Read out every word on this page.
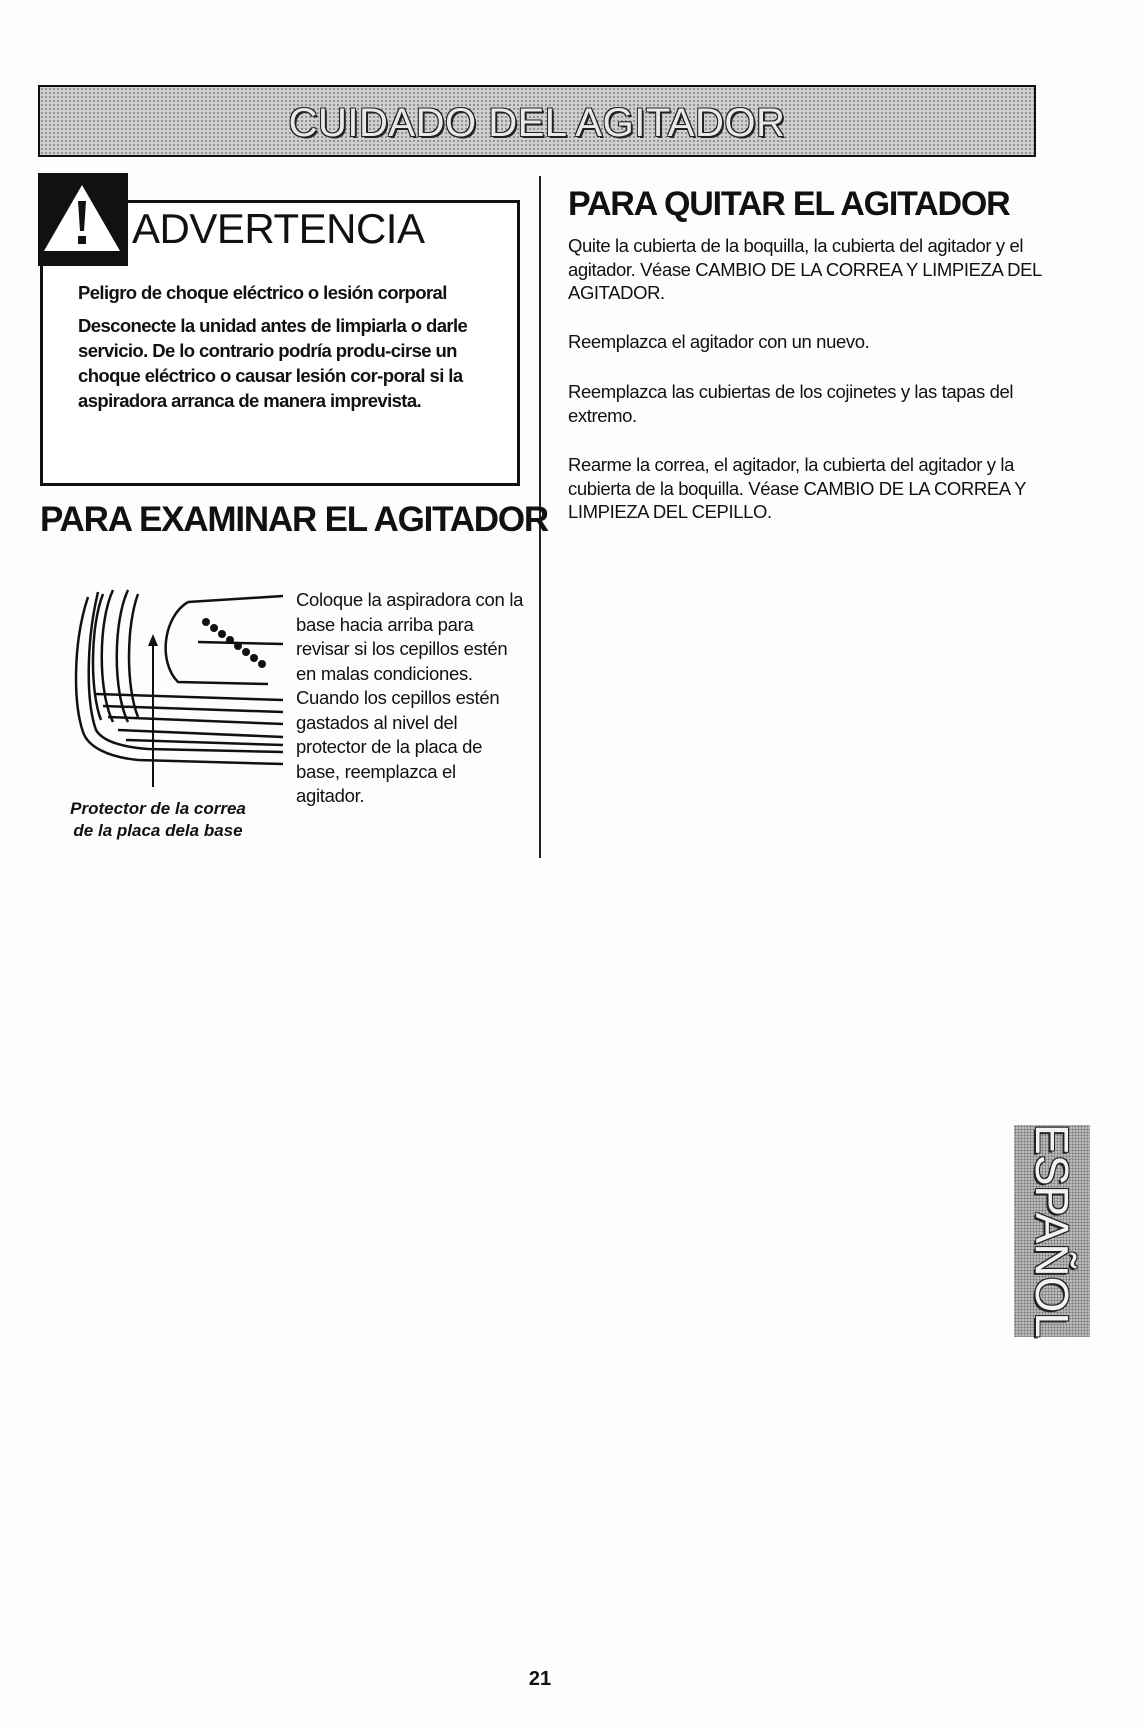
CUIDADO DEL AGITADOR
ADVERTENCIA
Peligro de choque eléctrico o lesión corporal
Desconecte la unidad antes de limpiarla o darle servicio. De lo contrario podría produ-cirse un choque eléctrico o causar lesión cor-poral si la aspiradora arranca de manera imprevista.
PARA EXAMINAR EL AGITADOR
Coloque la aspiradora con la base hacia arriba para revisar si los cepillos estén en malas condiciones. Cuando los cepillos estén gastados al nivel del protector de la placa de base, reemplazca el agitador.
Protector de la correa
de la placa dela base
PARA QUITAR EL AGITADOR
Quite la cubierta de la boquilla, la cubierta del agitador y el agitador. Véase CAMBIO DE LA CORREA Y LIMPIEZA DEL AGITADOR.
Reemplazca el agitador con un nuevo.
Reemplazca las cubiertas de los cojinetes y las tapas del extremo.
Rearme la correa, el agitador, la cubierta del agitador y la cubierta de la boquilla. Véase CAMBIO DE LA CORREA Y LIMPIEZA DEL CEPILLO.
ESPAÑOL
21
